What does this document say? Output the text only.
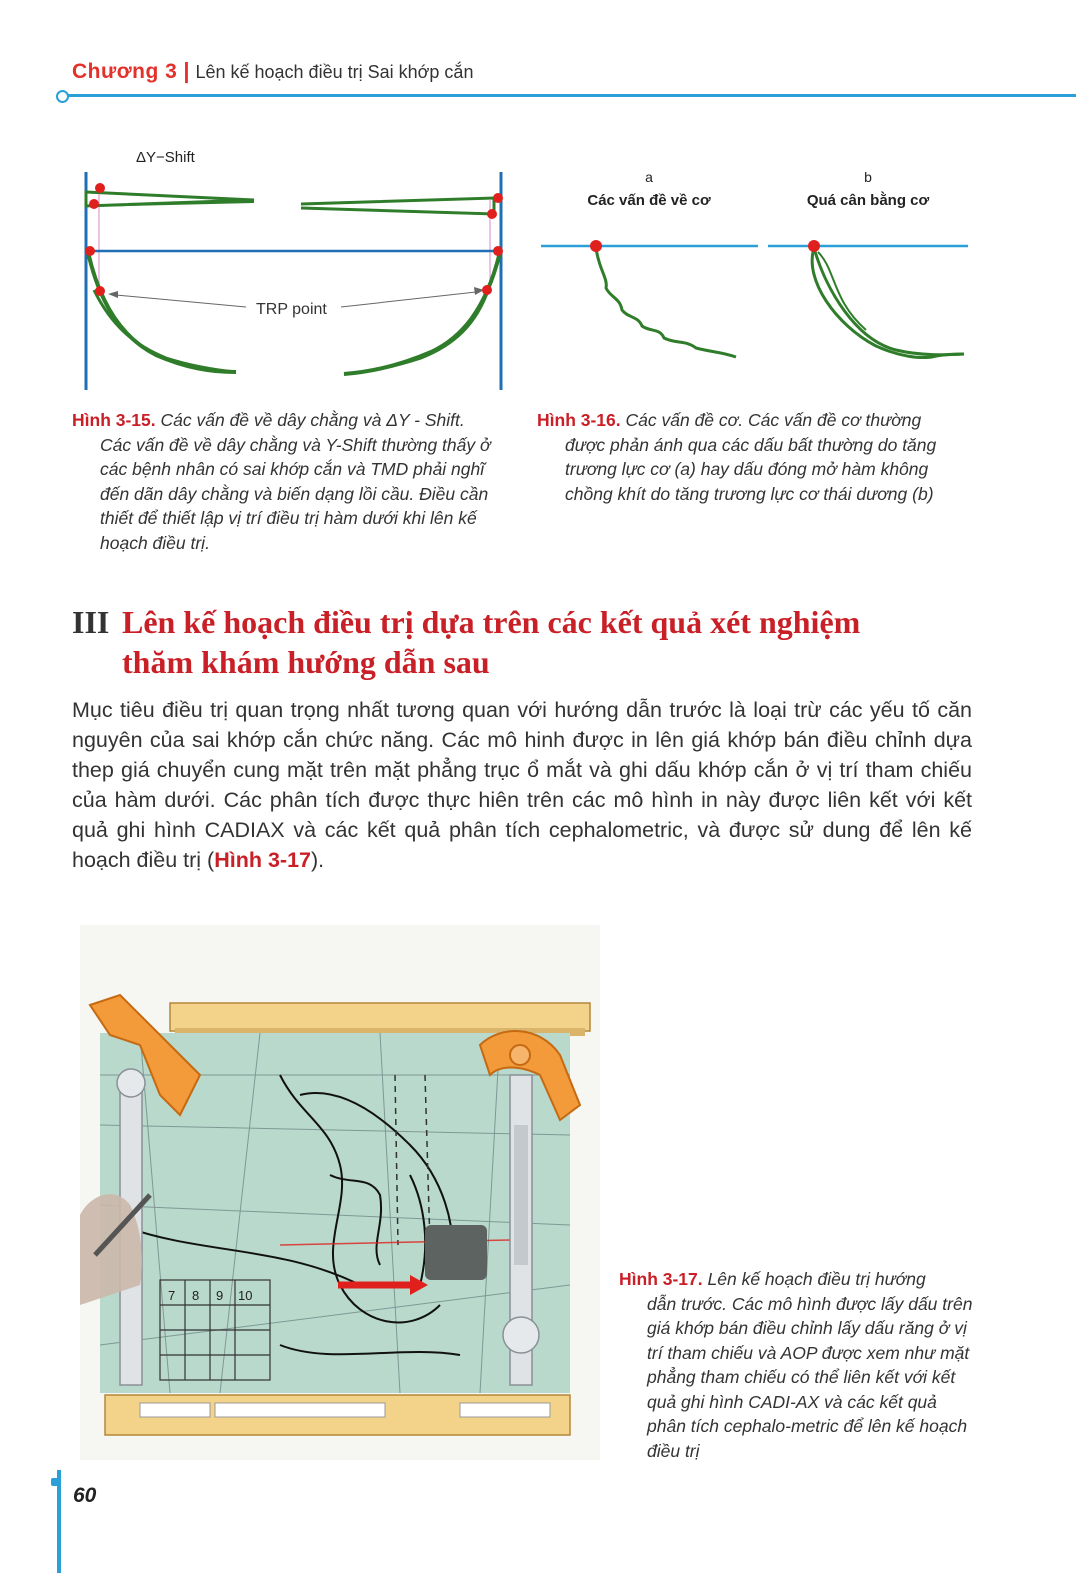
Chương 3 | Lên kế hoạch điều trị Sai khớp cắn
ΔY−Shift
TRP point
a
Các vấn đề về cơ
b
Quá cân bằng cơ
Hình 3-15. Các vấn đề về dây chằng và ΔY - Shift.
Các vấn đề về dây chằng và Y-Shift thường thấy ở các bệnh nhân có sai khớp cắn và TMD phải nghĩ đến dãn dây chằng và biến dạng lồi cầu. Điều cần thiết để thiết lập vị trí điều trị hàm dưới khi lên kế hoạch điều trị.
Hình 3-16. Các vấn đề cơ. Các vấn đề cơ thường
được phản ánh qua các dấu bất thường do tăng trương lực cơ (a) hay dấu đóng mở hàm không chồng khít do tăng trương lực cơ thái dương (b)
III Lên kế hoạch điều trị dựa trên các kết quả xét nghiệm
thăm khám hướng dẫn sau
Mục tiêu điều trị quan trọng nhất tương quan với hướng dẫn trước là loại trừ các yếu tố căn nguyên của sai khớp cắn chức năng. Các mô hinh được in lên giá khớp bán điều chỉnh dựa thep giá chuyển cung mặt trên mặt phẳng trục ổ mắt và ghi dấu khớp cắn ở vị trí tham chiếu của hàm dưới. Các phân tích được thực hiên trên các mô hình in này được liên kết với kết quả ghi hình CADIAX và các kết quả phân tích cephalometric, và được sử dung để lên kế hoạch điều trị (Hình 3-17).
7 8 9 10
Hình 3-17. Lên kế hoạch điều trị hướng
dẫn trước. Các mô hình được lấy dấu trên giá khớp bán điều chỉnh lấy dấu răng ở vị trí tham chiếu và AOP được xem như mặt phẳng tham chiếu có thể liên kết với kết quả ghi hình CADI-AX và các kết quả phân tích cephalo-metric để lên kế hoạch điều trị
60
